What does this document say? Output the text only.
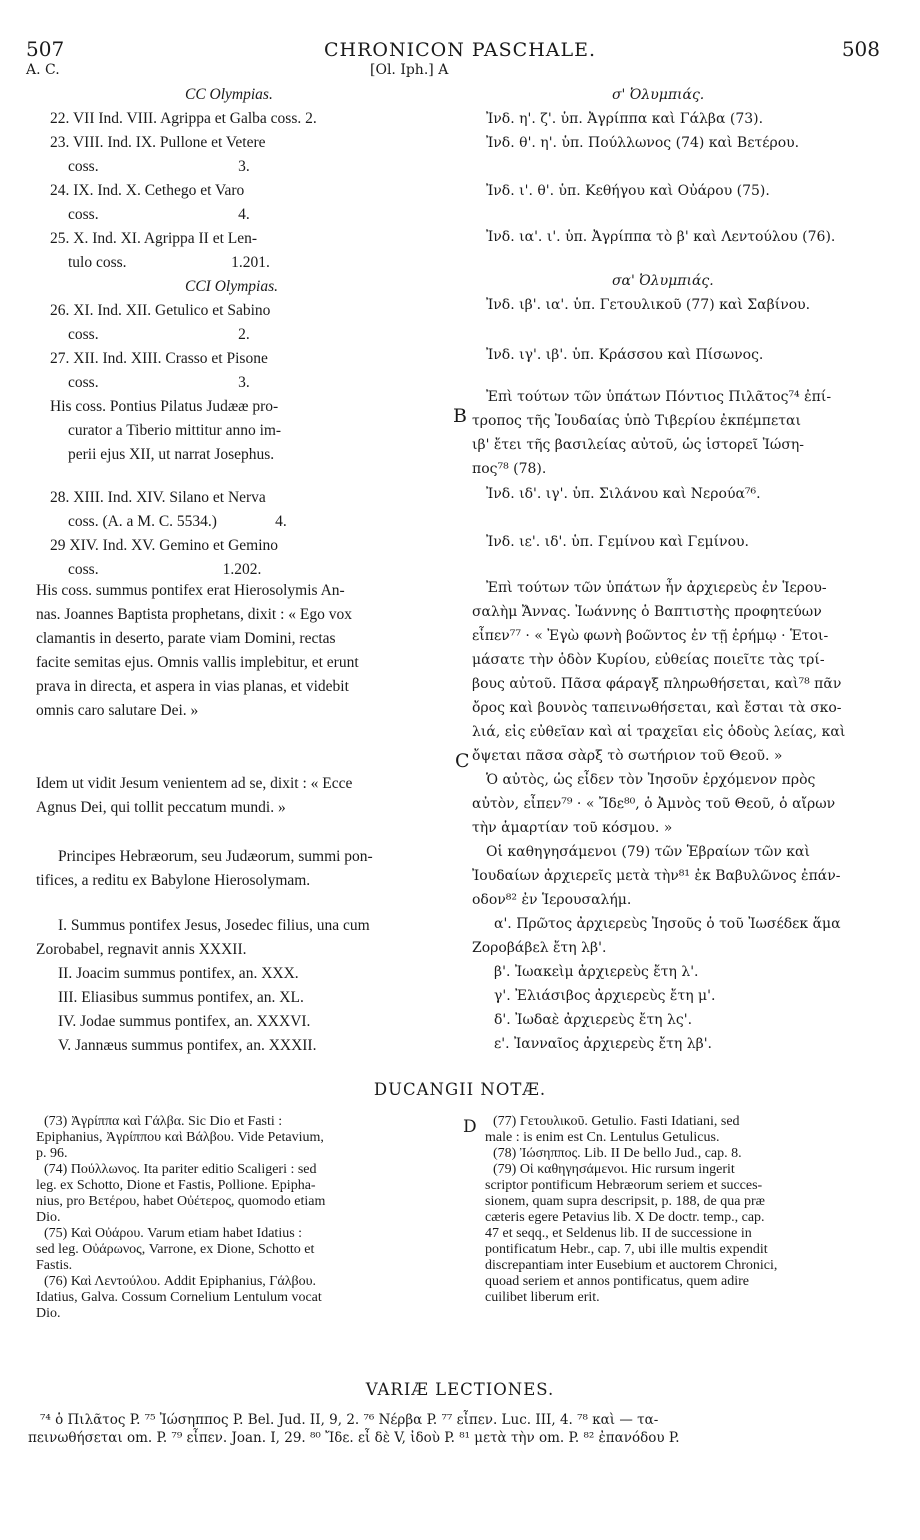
507	CHRONICON PASCHALE.	508
A. C.	[Ol. Iph.] A
B
C
D
CC Olympias.
22. VII Ind. VIII. Agrippa et Galba coss. 2.
23. VIII. Ind. IX. Pullone et Vetere
coss.                                    3.
24. IX. Ind. X. Cethego et Varo
coss.                                    4.
25. X. Ind. XI. Agrippa II et Len-
tulo coss.                           1.201.
CCI Olympias.
26. XI. Ind. XII. Getulico et Sabino
coss.                                    2.
27. XII. Ind. XIII. Crasso et Pisone
coss.                                    3.
His coss. Pontius Pilatus Judææ pro-
curator a Tiberio mittitur anno im-
perii ejus XII, ut narrat Josephus.
28. XIII. Ind. XIV. Silano et Nerva
coss. (A. a M. C. 5534.)               4.
29 XIV. Ind. XV. Gemino et Gemino
coss.                                1.202.
His coss. summus pontifex erat Hierosolymis An-
nas. Joannes Baptista prophetans, dixit : « Ego vox
clamantis in deserto, parate viam Domini, rectas
facite semitas ejus. Omnis vallis implebitur, et erunt
prava in directa, et aspera in vias planas, et videbit
omnis caro salutare Dei. »
Idem ut vidit Jesum venientem ad se, dixit : « Ecce
Agnus Dei, qui tollit peccatum mundi. »
Principes Hebræorum, seu Judæorum, summi pon-
tifices, a reditu ex Babylone Hierosolymam.
I. Summus pontifex Jesus, Josedec filius, una cum
Zorobabel, regnavit annis XXXII.
II. Joacim summus pontifex, an. XXX.
III. Eliasibus summus pontifex, an. XL.
IV. Jodae summus pontifex, an. XXXVI.
V. Jannæus summus pontifex, an. XXXII.
σ' Ὀλυμπιάς.
Ἰνδ. η'. ζ'. ὑπ. Ἀγρίππα καὶ Γάλβα (73).
Ἰνδ. θ'. η'. ὑπ. Πούλλωνος (74) καὶ Βετέρου.
Ἰνδ. ι'. θ'. ὑπ. Κεθήγου καὶ Οὐάρου (75).
Ἰνδ. ια'. ι'. ὑπ. Ἀγρίππα τὸ β' καὶ Λεντούλου (76).
σα' Ὀλυμπιάς.
Ἰνδ. ιβ'. ια'. ὑπ. Γετουλικοῦ (77) καὶ Σαβίνου.
Ἰνδ. ιγ'. ιβ'. ὑπ. Κράσσου καὶ Πίσωνος.
Ἐπὶ τούτων τῶν ὑπάτων Πόντιος Πιλᾶτος⁷⁴ ἐπί-
τροπος τῆς Ἰουδαίας ὑπὸ Τιβερίου ἐκπέμπεται
ιβ' ἔτει τῆς βασιλείας αὐτοῦ, ὡς ἱστορεῖ Ἰώση-
πος⁷⁸ (78).
Ἰνδ. ιδ'. ιγ'. ὑπ. Σιλάνου καὶ Νερούα⁷⁶.
Ἰνδ. ιε'. ιδ'. ὑπ. Γεμίνου καὶ Γεμίνου.
Ἐπὶ τούτων τῶν ὑπάτων ἦν ἀρχιερεὺς ἐν Ἱερου-
σαλὴμ Ἄννας. Ἰωάννης ὁ Βαπτιστὴς προφητεύων
εἶπεν⁷⁷ · « Ἐγὼ φωνὴ βοῶντος ἐν τῇ ἐρήμῳ · Ἑτοι-
μάσατε τὴν ὁδὸν Κυρίου, εὐθείας ποιεῖτε τὰς τρί-
βους αὐτοῦ. Πᾶσα φάραγξ πληρωθήσεται, καὶ⁷⁸ πᾶν
ὄρος καὶ βουνὸς ταπεινωθήσεται, καὶ ἔσται τὰ σκο-
λιά, εἰς εὐθεῖαν καὶ αἱ τραχεῖαι εἰς ὁδοὺς λείας, καὶ
ὄψεται πᾶσα σὰρξ τὸ σωτήριον τοῦ Θεοῦ. »
Ὁ αὐτὸς, ὡς εἶδεν τὸν Ἰησοῦν ἐρχόμενον πρὸς
αὐτὸν, εἶπεν⁷⁹ · « Ἴδε⁸⁰, ὁ Ἀμνὸς τοῦ Θεοῦ, ὁ αἴρων
τὴν ἁμαρτίαν τοῦ κόσμου. »
Οἱ καθηγησάμενοι (79) τῶν Ἑβραίων τῶν καὶ
Ἰουδαίων ἀρχιερεῖς μετὰ τὴν⁸¹ ἐκ Βαβυλῶνος ἐπάν-
οδον⁸² ἐν Ἱερουσαλήμ.
α'. Πρῶτος ἀρχιερεὺς Ἰησοῦς ὁ τοῦ Ἰωσέδεκ ἅμα
Ζοροβάβελ ἔτη λβ'.
β'. Ἰωακεὶμ ἀρχιερεὺς ἔτη λ'.
γ'. Ἐλιάσιβος ἀρχιερεὺς ἔτη μ'.
δ'. Ἰωδαὲ ἀρχιερεὺς ἔτη λς'.
ε'. Ἰανναῖος ἀρχιερεὺς ἔτη λβ'.
DUCANGII NOTÆ.
(73) Ἀγρίππα καὶ Γάλβα. Sic Dio et Fasti :
Epiphanius, Ἀγρίππου καὶ Βάλβου. Vide Petavium,
p. 96.
(74) Πούλλωνος. Ita pariter editio Scaligeri : sed
leg. ex Schotto, Dione et Fastis, Pollione. Epipha-
nius, pro Βετέρου, habet Οὐέτερος, quomodo etiam
Dio.
(75) Καὶ Οὐάρου. Varum etiam habet Idatius :
sed leg. Οὐάρωνος, Varrone, ex Dione, Schotto et
Fastis.
(76) Καὶ Λεντούλου. Addit Epiphanius, Γάλβου.
Idatius, Galva. Cossum Cornelium Lentulum vocat
Dio.
(77) Γετουλικοῦ. Getulio. Fasti Idatiani, sed
male : is enim est Cn. Lentulus Getulicus.
(78) Ἰώσηππος. Lib. II De bello Jud., cap. 8.
(79) Οἱ καθηγησάμενοι. Hic rursum ingerit
scriptor pontificum Hebræorum seriem et succes-
sionem, quam supra descripsit, p. 188, de qua præ
cæteris egere Petavius lib. X De doctr. temp., cap.
47 et seqq., et Seldenus lib. II de successione in
pontificatum Hebr., cap. 7, ubi ille multis expendit
discrepantiam inter Eusebium et auctorem Chronici,
quoad seriem et annos pontificatus, quem adire
cuilibet liberum erit.
VARIÆ LECTIONES.
⁷⁴ ὁ Πιλᾶτος P. ⁷⁵ Ἰώσηππος P. Bel. Jud. II, 9, 2. ⁷⁶ Νέρβα P. ⁷⁷ εἶπεν. Luc. III, 4. ⁷⁸ καὶ — τα-
πεινωθήσεται om. P. ⁷⁹ εἶπεν. Joan. I, 29. ⁸⁰ Ἴδε. εἶ δὲ V, ἰδοὺ P. ⁸¹ μετὰ τὴν om. P. ⁸² ἐπανόδου P.
